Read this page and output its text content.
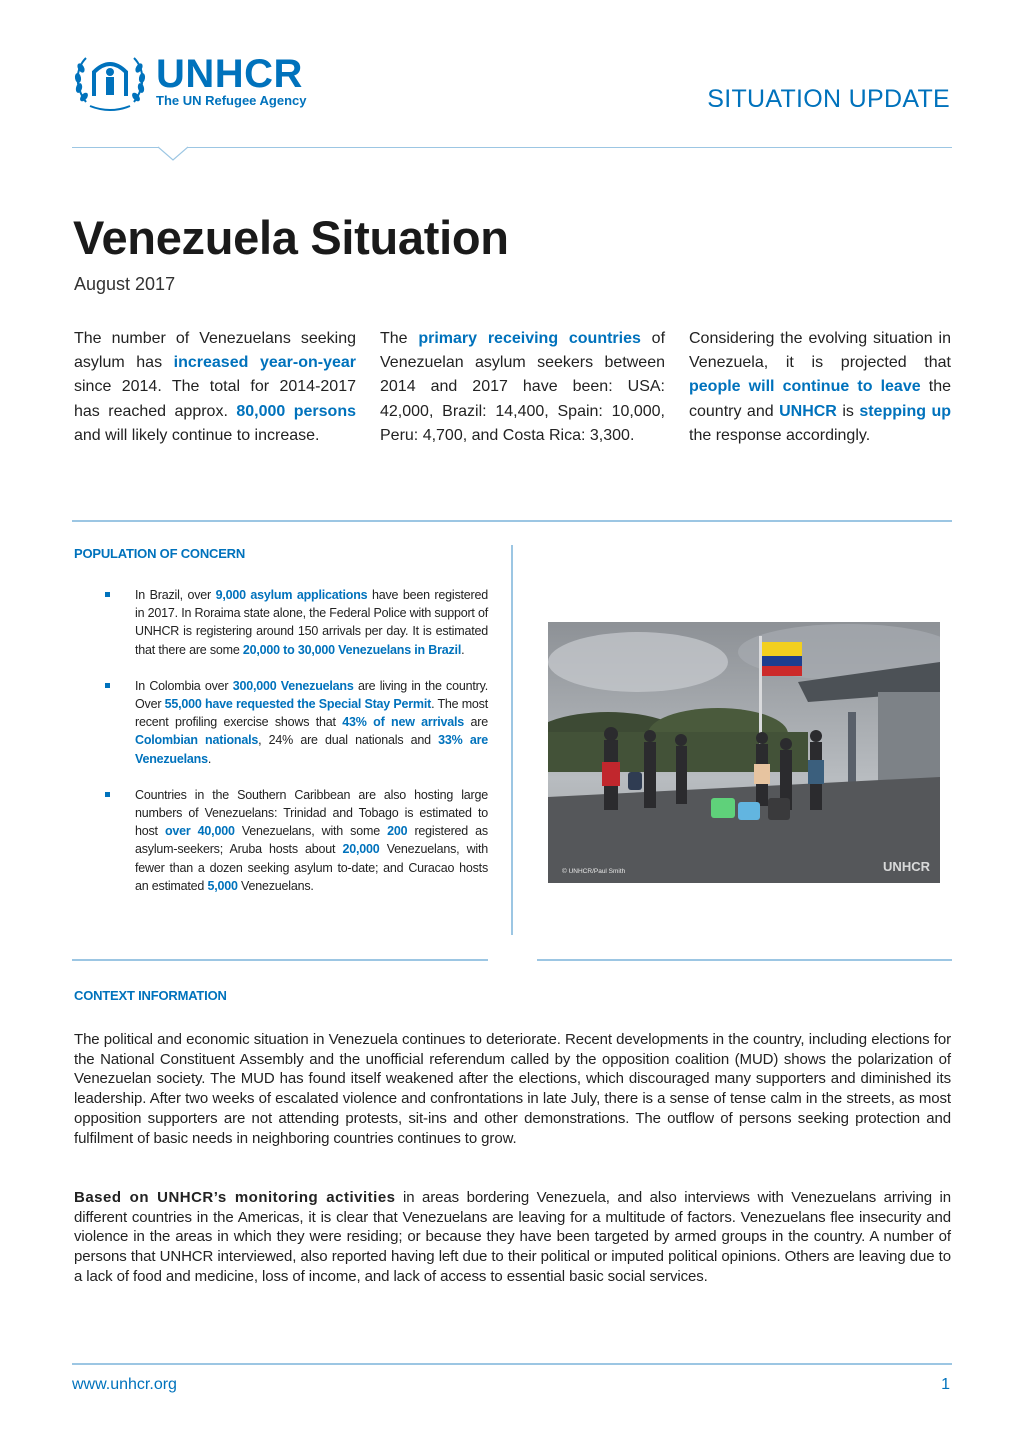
UNHCR
The UN Refugee Agency	SITUATION UPDATE
Venezuela Situation
August 2017

The number of Venezuelans seeking asylum has increased year-on-year since 2014. The total for 2014-2017 has reached approx. 80,000 persons and will likely continue to increase.

The primary receiving countries of Venezuelan asylum seekers between 2014 and 2017 have been: USA: 42,000, Brazil: 14,400, Spain: 10,000, Peru: 4,700, and Costa Rica: 3,300.

Considering the evolving situation in Venezuela, it is projected that people will continue to leave the country and UNHCR is stepping up the response accordingly.

POPULATION OF CONCERN
In Brazil, over 9,000 asylum applications have been registered in 2017. In Roraima state alone, the Federal Police with support of UNHCR is registering around 150 arrivals per day. It is estimated that there are some 20,000 to 30,000 Venezuelans in Brazil.
In Colombia over 300,000 Venezuelans are living in the country. Over 55,000 have requested the Special Stay Permit. The most recent profiling exercise shows that 43% of new arrivals are Colombian nationals, 24% are dual nationals and 33% are Venezuelans.
Countries in the Southern Caribbean are also hosting large numbers of Venezuelans: Trinidad and Tobago is estimated to host over 40,000 Venezuelans, with some 200 registered as asylum-seekers; Aruba hosts about 20,000 Venezuelans, with fewer than a dozen seeking asylum to-date; and Curacao hosts an estimated 5,000 Venezuelans.
© UNHCR/Paul Smith	UNHCR
CONTEXT INFORMATION

The political and economic situation in Venezuela continues to deteriorate. Recent developments in the country, including elections for the National Constituent Assembly and the unofficial referendum called by the opposition coalition (MUD) shows the polarization of Venezuelan society. The MUD has found itself weakened after the elections, which discouraged many supporters and diminished its leadership. After two weeks of escalated violence and confrontations in late July, there is a sense of tense calm in the streets, as most opposition supporters are not attending protests, sit-ins and other demonstrations. The outflow of persons seeking protection and fulfilment of basic needs in neighboring countries continues to grow.

Based on UNHCR’s monitoring activities in areas bordering Venezuela, and also interviews with Venezuelans arriving in different countries in the Americas, it is clear that Venezuelans are leaving for a multitude of factors. Venezuelans flee insecurity and violence in the areas in which they were residing; or because they have been targeted by armed groups in the country. A number of persons that UNHCR interviewed, also reported having left due to their political or imputed political opinions. Others are leaving due to a lack of food and medicine, loss of income, and lack of access to essential basic social services.

www.unhcr.org	1
